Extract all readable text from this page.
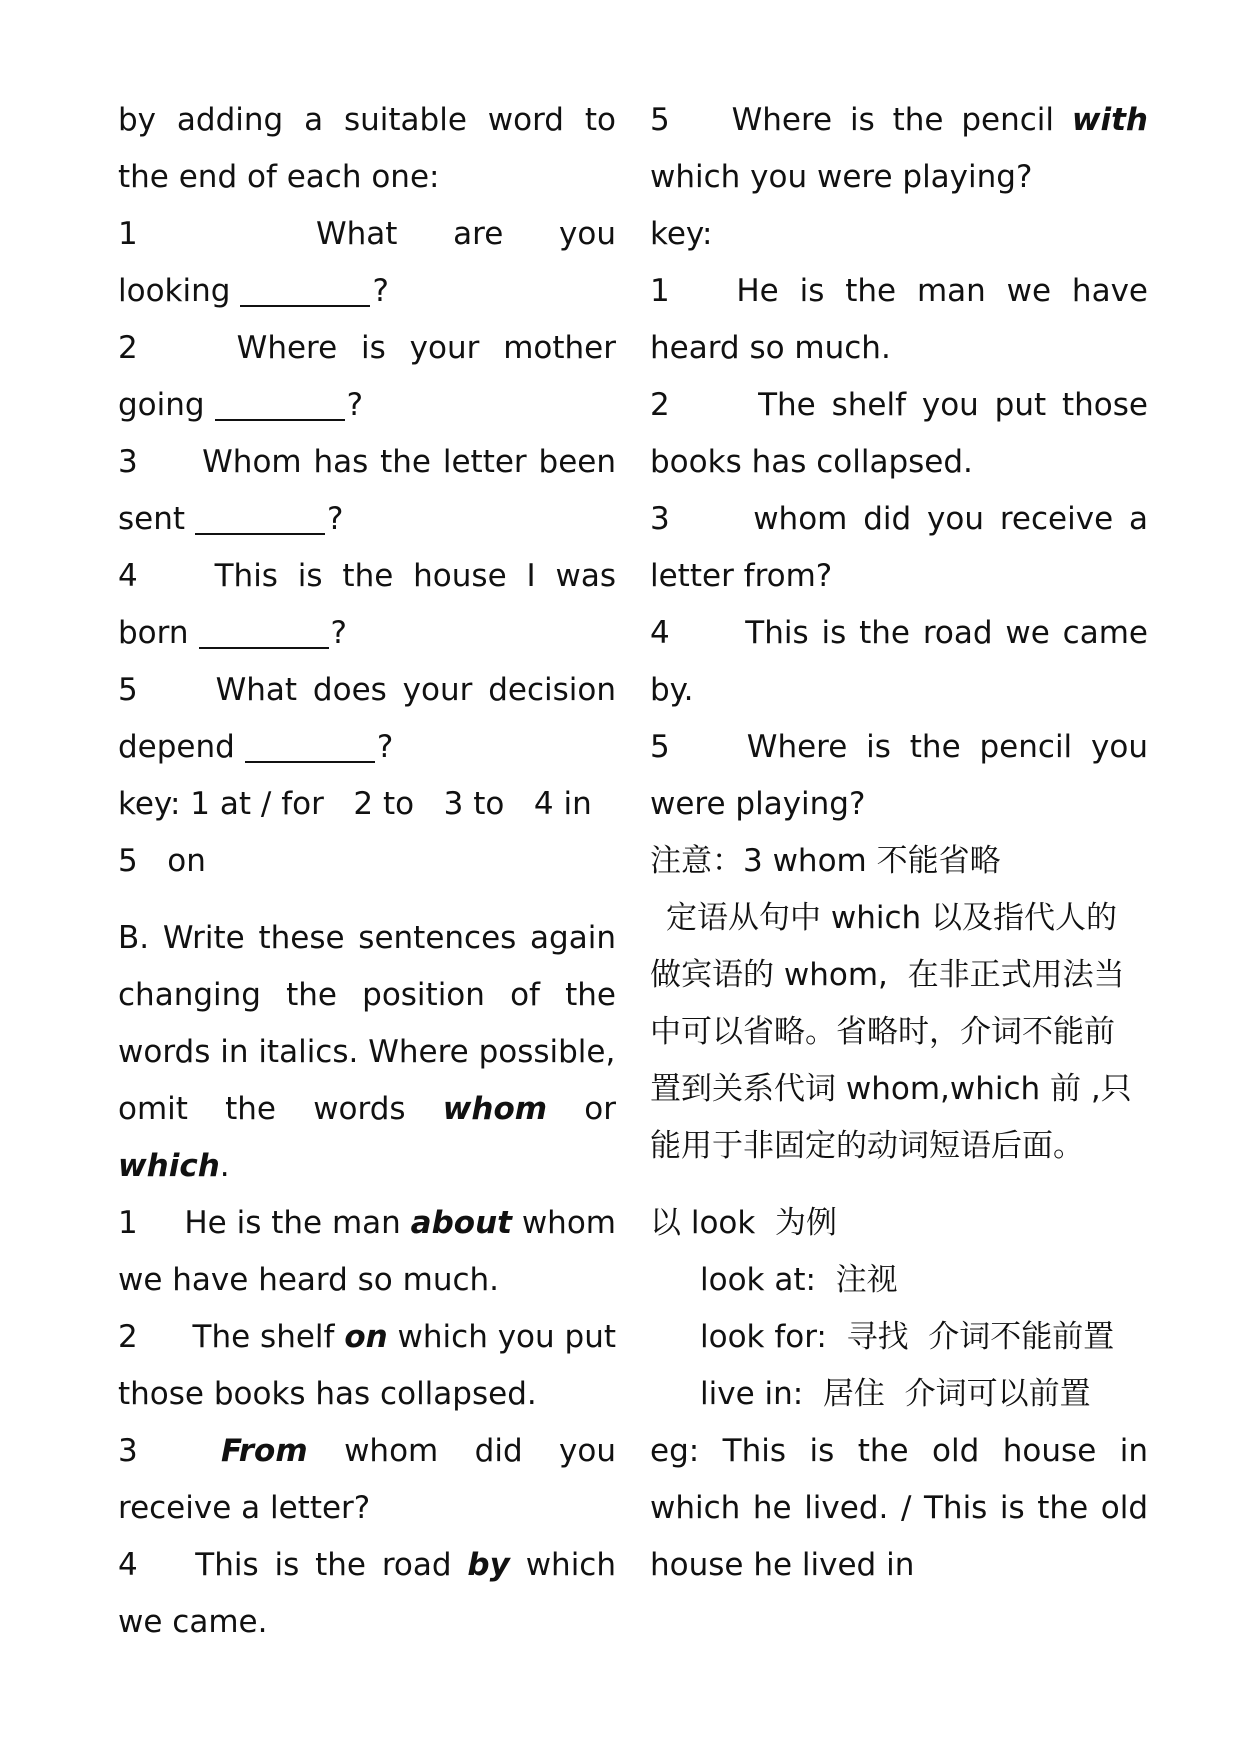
by adding a suitable word to

the end of each one:

1	What are you

looking	?

2	Where is your mother

going	?

3 Whom has the letter been

sent	?

4 This is the house I was

born	?

5	What does your decision

depend	?

key: 1 at / for   2 to   3 to   4 in

5   on

B. Write these sentences again

changing the position of the

words in italics. Where possible,

omit the words whom or

which.

1 He is the man about whom

we have heard so much.

2 The shelf on which you put

those books has collapsed.

3	From whom did you

receive a letter?

4 This is the road by which

we came.

5 Where is the pencil with

which you were playing?

key:

1 He is the man we have

heard so much.

2	The shelf you put those

books has collapsed.

3	whom did you receive a

letter from?

4 This is the road we came

by.

5 Where is the pencil you

were playing?

注意：3 whom 不能省略

定语从句中 which 以及指代人的

做宾语的 whom,  在非正式用法当

中可以省略。省略时，介词不能前

置到关系代词 whom,which 前 ,只

能用于非固定的动词短语后面。

以 look  为例

look at:  注视

look for:  寻找  介词不能前置

live in:  居住  介词可以前置

eg: This is the old house in

which he lived. / This is the old

house he lived in
